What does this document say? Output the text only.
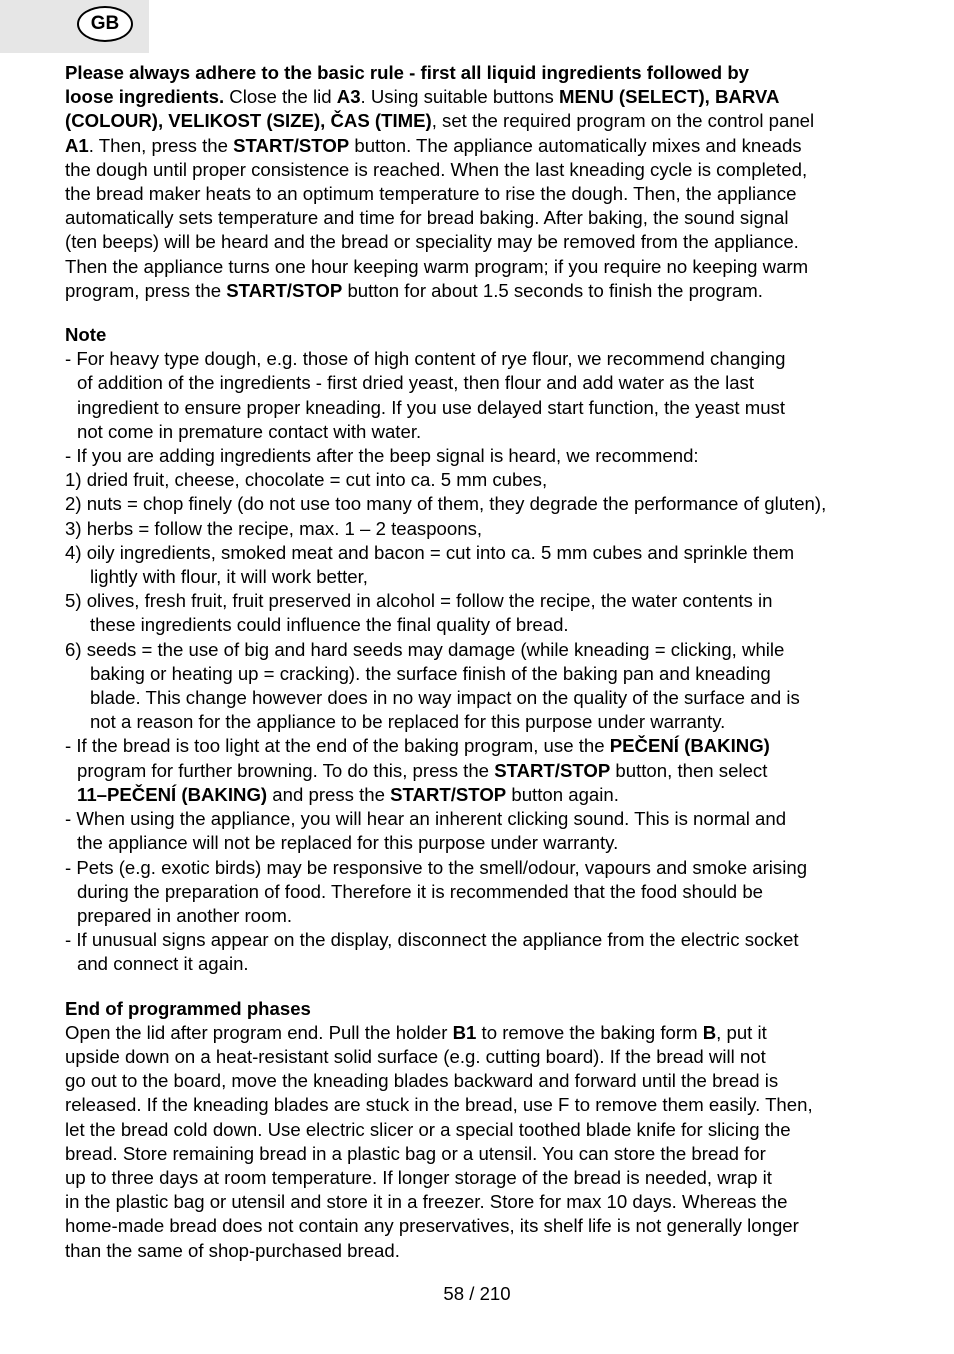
GB

Please always adhere to the basic rule - first all liquid ingredients followed by

loose ingredients. Close the lid A3. Using suitable buttons MENU (SELECT), BARVA

(COLOUR), VELIKOST (SIZE), ČAS (TIME), set the required program on the control panel

A1. Then, press the START/STOP button. The appliance automatically mixes and kneads

the dough until proper consistence is reached. When the last kneading cycle is completed,

the bread maker heats to an optimum temperature to rise the dough. Then, the appliance

automatically sets temperature and time for bread baking. After baking, the sound signal

(ten beeps) will be heard and the bread or speciality may be removed from the appliance.

Then the appliance turns one hour keeping warm program; if you require no keeping warm

program, press the START/STOP button for about 1.5 seconds to finish the program.

Note

- For heavy type dough, e.g. those of high content of rye flour, we recommend changing

of addition of the ingredients - first dried yeast, then flour and add water as the last

ingredient to ensure proper kneading. If you use delayed start function, the yeast must

not come in premature contact with water.

- If you are adding ingredients after the beep signal is heard, we recommend:

1) dried fruit, cheese, chocolate = cut into ca. 5 mm cubes,

2) nuts = chop finely (do not use too many of them, they degrade the performance of gluten),

3) herbs = follow the recipe, max. 1 – 2 teaspoons,

4) oily ingredients, smoked meat and bacon = cut into ca. 5 mm cubes and sprinkle them

lightly with flour, it will work better,

5) olives, fresh fruit, fruit preserved in alcohol = follow the recipe, the water contents in

these ingredients could influence the final quality of bread.

6) seeds = the use of big and hard seeds may damage (while kneading = clicking, while

baking or heating up = cracking). the surface finish of the baking pan and kneading

blade. This change however does in no way impact on the quality of the surface and is

not a reason for the appliance to be replaced for this purpose under warranty.

- If the bread is too light at the end of the baking program, use the PEČENÍ (BAKING)

program for further browning. To do this, press the START/STOP button, then select

11–PEČENÍ (BAKING) and press the START/STOP button again.

- When using the appliance, you will hear an inherent clicking sound. This is normal and

the appliance will not be replaced for this purpose under warranty.

- Pets (e.g. exotic birds) may be responsive to the smell/odour, vapours and smoke arising

during the preparation of food. Therefore it is recommended that the food should be

prepared in another room.

- If unusual signs appear on the display, disconnect the appliance from the electric socket

and connect it again.

End of programmed phases

Open the lid after program end. Pull the holder B1 to remove the baking form B, put it

upside down on a heat-resistant solid surface (e.g. cutting board). If the bread will not

go out to the board, move the kneading blades backward and forward until the bread is

released. If the kneading blades are stuck in the bread, use F to remove them easily. Then,

let the bread cold down. Use electric slicer or a special toothed blade knife for slicing the

bread. Store remaining bread in a plastic bag or a utensil. You can store the bread for

up to three days at room temperature. If longer storage of the bread is needed, wrap it

in the plastic bag or utensil and store it in a freezer. Store for max 10 days. Whereas the

home-made bread does not contain any preservatives, its shelf life is not generally longer

than the same of shop-purchased bread.

58 / 210
